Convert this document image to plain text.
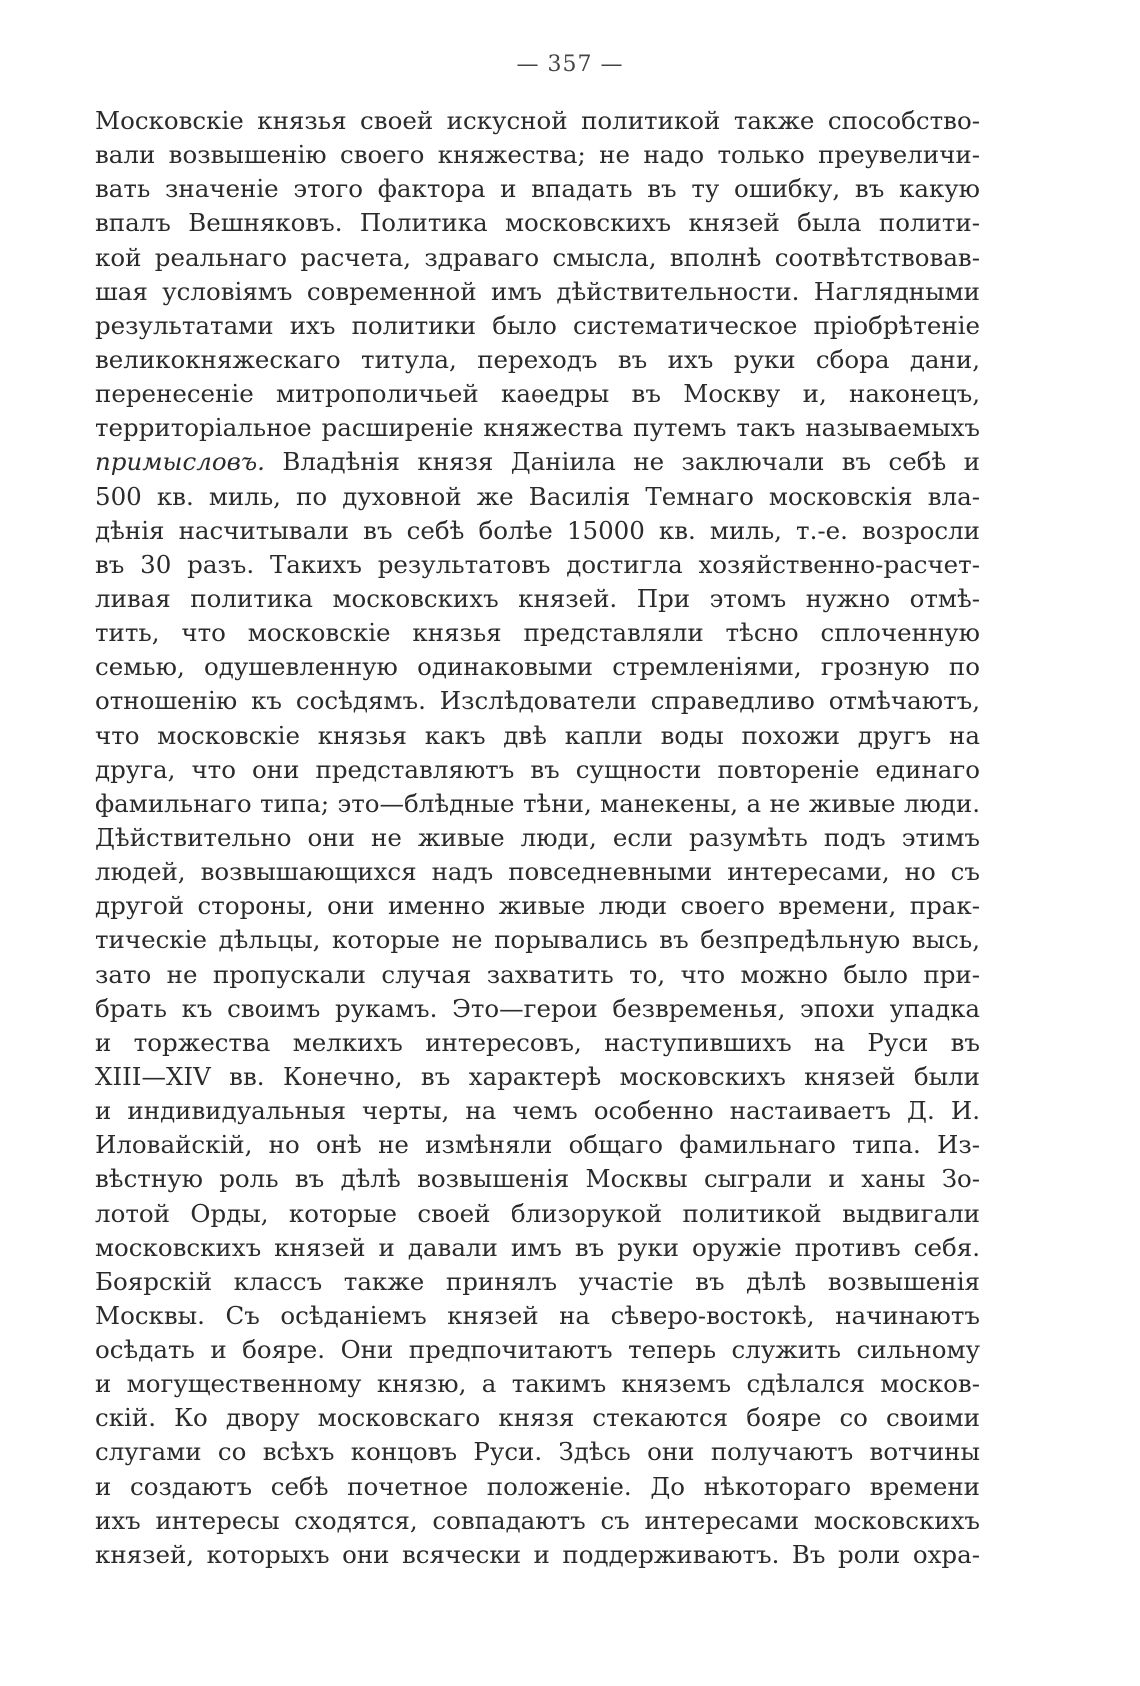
— 357 —
Московскіе князья своей искусной политикой также способство-
вали возвышенію своего княжества; не надо только преувеличи-
вать значеніе этого фактора и впадать въ ту ошибку, въ какую
впалъ Вешняковъ. Политика московскихъ князей была полити-
кой реальнаго расчета, здраваго смысла, вполнѣ соотвѣтствовав-
шая условіямъ современной имъ дѣйствительности. Наглядными
результатами ихъ политики было систематическое пріобрѣтеніе
великокняжескаго титула, переходъ въ ихъ руки сбора дани,
перенесеніе митрополичьей каѳедры въ Москву и, наконецъ,
территоріальное расширеніе княжества путемъ такъ называемыхъ
примысловъ. Владѣнія князя Даніила не заключали въ себѣ и
500 кв. миль, по духовной же Василія Темнаго московскія вла-
дѣнія насчитывали въ себѣ болѣе 15000 кв. миль, т.-е. возросли
въ 30 разъ. Такихъ результатовъ достигла хозяйственно-расчет-
ливая политика московскихъ князей. При этомъ нужно отмѣ-
тить, что московскіе князья представляли тѣсно сплоченную
семью, одушевленную одинаковыми стремленіями, грозную по
отношенію къ сосѣдямъ. Изслѣдователи справедливо отмѣчаютъ,
что московскіе князья какъ двѣ капли воды похожи другъ на
друга, что они представляютъ въ сущности повтореніе единаго
фамильнаго типа; это—блѣдные тѣни, манекены, а не живые люди.
Дѣйствительно они не живые люди, если разумѣть подъ этимъ
людей, возвышающихся надъ повседневными интересами, но съ
другой стороны, они именно живые люди своего времени, прак-
тическіе дѣльцы, которые не порывались въ безпредѣльную высь,
зато не пропускали случая захватить то, что можно было при-
брать къ своимъ рукамъ. Это—герои безвременья, эпохи упадка
и торжества мелкихъ интересовъ, наступившихъ на Руси въ
XIII—XIV вв. Конечно, въ характерѣ московскихъ князей были
и индивидуальныя черты, на чемъ особенно настаиваетъ Д. И.
Иловайскій, но онѣ не измѣняли общаго фамильнаго типа. Из-
вѣстную роль въ дѣлѣ возвышенія Москвы сыграли и ханы Зо-
лотой Орды, которые своей близорукой политикой выдвигали
московскихъ князей и давали имъ въ руки оружіе противъ себя.
Боярскій классъ также принялъ участіе въ дѣлѣ возвышенія
Москвы. Съ осѣданіемъ князей на сѣверо-востокѣ, начинаютъ
осѣдать и бояре. Они предпочитаютъ теперь служить сильному
и могущественному князю, а такимъ княземъ сдѣлался москов-
скій. Ко двору московскаго князя стекаются бояре со своими
слугами со всѣхъ концовъ Руси. Здѣсь они получаютъ вотчины
и создаютъ себѣ почетное положеніе. До нѣкотораго времени
ихъ интересы сходятся, совпадаютъ съ интересами московскихъ
князей, которыхъ они всячески и поддерживаютъ. Въ роли охра-
